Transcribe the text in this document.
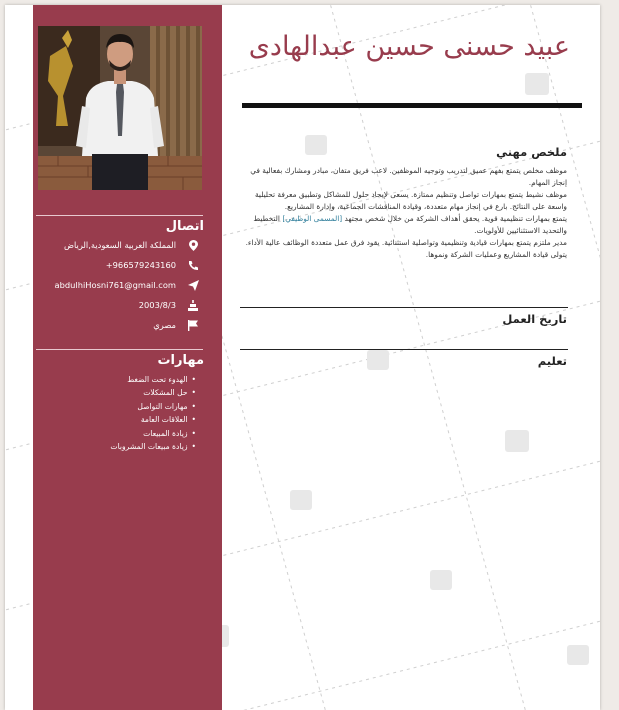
اتصال
المملكة العربية السعودية,الرياض
+966579243160
abdulhiHosni761@gmail.com
2003/8/3
مصري
مهارات
• الهدوء تحت الضغط
• حل المشكلات
• مهارات التواصل
• العلاقات العامة
• زيادة المبيعات
• زيادة مبيعات المشروبات
عبيد حسنى حسين عبدالهادى
ملخص مهني

موظف مخلص يتمتع بفهم عميق لتدريب وتوجيه الموظفين. لاعب فريق متفان، مبادر ومشارك بفعالية في إنجاز المهام.

موظف نشيط يتمتع بمهارات تواصل وتنظيم ممتازة. يسعى لإيجاد حلول للمشاكل وتطبيق معرفة تحليلية واسعة على النتائج. بارع في إنجاز مهام متعددة، وقيادة المناقشات الجماعية، وإدارة المشاريع.

يتمتع بمهارات تنظيمية قوية. يحقق أهداف الشركة من خلال شخص مجتهد [المسمى الوظيفي] التخطيط والتحديد الاستثنائيين للأولويات.

مدير ملتزم يتمتع بمهارات قيادية وتنظيمية وتواصلية استثنائية. يقود فرق عمل متعددة الوظائف عالية الأداء. يتولى قيادة المشاريع وعمليات الشركة ونموها.

تاريخ العمل
تعليم
